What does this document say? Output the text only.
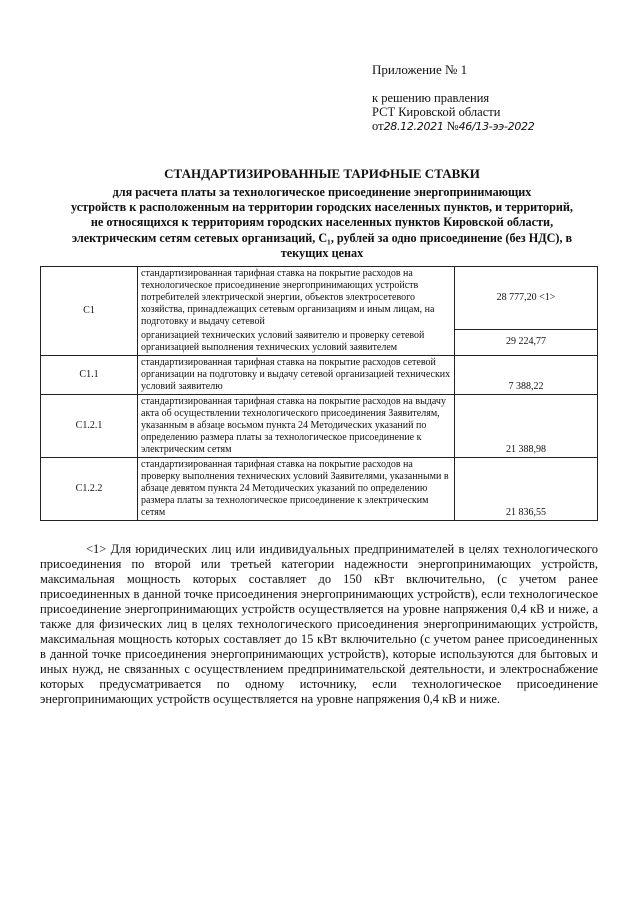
Приложение № 1
к решению правления
РСТ Кировской области
от28.12.2021 №46/13-ээ-2022
СТАНДАРТИЗИРОВАННЫЕ ТАРИФНЫЕ СТАВКИ
для расчета платы за технологическое присоединение энергопринимающих
устройств к расположенным на территории городских населенных пунктов, и территорий,
не относящихся к территориям городских населенных пунктов Кировской области,
электрическим сетям сетевых организаций, С₁, рублей за одно присоединение (без НДС), в
текущих ценах
С1	стандартизированная тарифная ставка на покрытие расходов на технологическое присоединение энергопринимающих устройств потребителей электрической энергии, объектов электросетевого хозяйства, принадлежащих сетевым организациям и иным лицам, на подготовку и выдачу сетевой	28 777,20 <1>
	организацией технических условий заявителю и проверку сетевой организацией выполнения технических условий заявителем	29 224,77
С1.1	стандартизированная тарифная ставка на покрытие расходов сетевой организации на подготовку и выдачу сетевой организацией технических условий заявителю	7 388,22
С1.2.1	стандартизированная тарифная ставка на покрытие расходов на выдачу акта об осуществлении технологического присоединения Заявителям, указанным в абзаце восьмом пункта 24 Методических указаний по определению размера платы за технологическое присоединение к электрическим сетям	21 388,98
С1.2.2	стандартизированная тарифная ставка на покрытие расходов на проверку выполнения технических условий Заявителями, указанными в абзаце девятом пункта 24 Методических указаний по определению размера платы за технологическое присоединение к электрическим сетям	21 836,55

<1> Для юридических лиц или индивидуальных предпринимателей в целях технологического присоединения по второй или третьей категории надежности энергопринимающих устройств, максимальная мощность которых составляет до 150 кВт включительно, (с учетом ранее присоединенных в данной точке присоединения энергопринимающих устройств), если технологическое присоединение энергопринимающих устройств осуществляется на уровне напряжения 0,4 кВ и ниже, а также для физических лиц в целях технологического присоединения энергопринимающих устройств, максимальная мощность которых составляет до 15 кВт включительно (с учетом ранее присоединенных в данной точке присоединения энергопринимающих устройств), которые используются для бытовых и иных нужд, не связанных с осуществлением предпринимательской деятельности, и электроснабжение которых предусматривается по одному источнику, если технологическое присоединение энергопринимающих устройств осуществляется на уровне напряжения 0,4 кВ и ниже.
